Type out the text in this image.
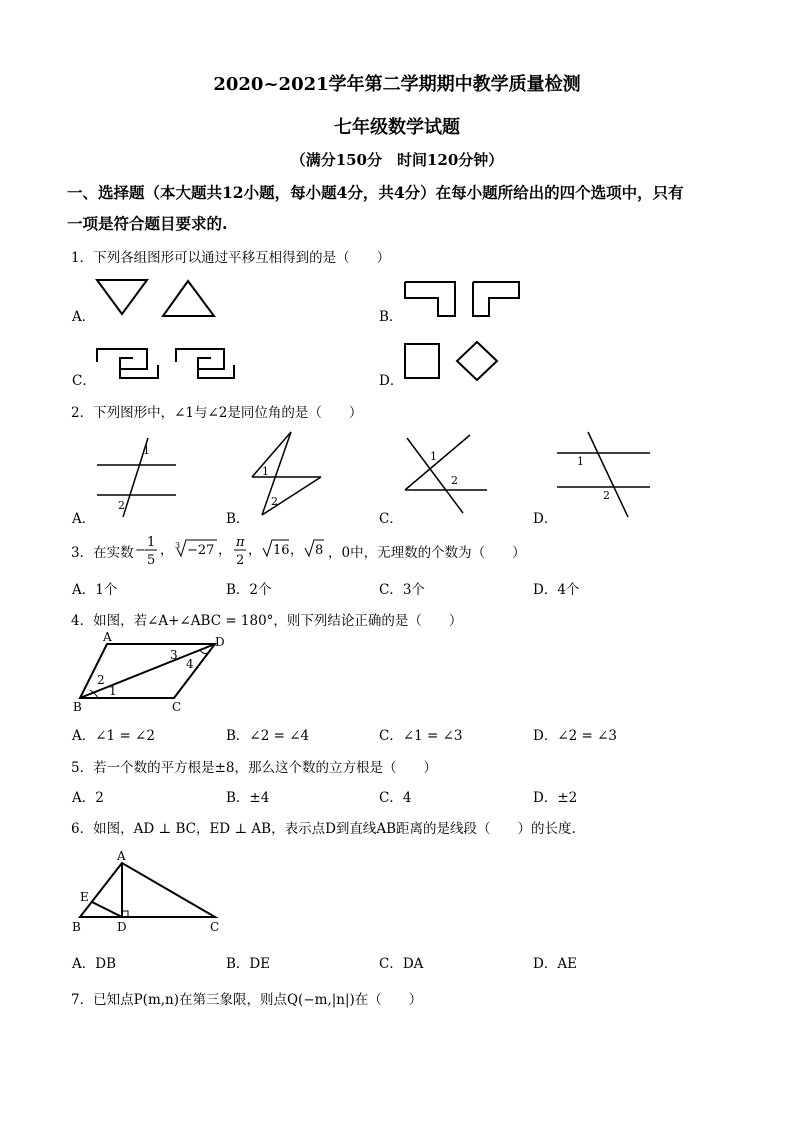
2020~2021学年第二学期期中教学质量检测
七年级数学试题
（满分150分　时间120分钟）
一、选择题（本大题共12小题，每小题4分，共4分）在每小题所给出的四个选项中，只有
一项是符合题目要求的.
1．下列各组图形可以通过平移互相得到的是（　　）
A．	B．
C．	D．
2．下列图形中，∠1与∠2是同位角的是（　　）
1
2
1
2
1
2
1
2
A．	B．	C．	D．
3．在实数 −
1
5
， 3 −27 ，
π
2
， 16 ， 8 ，0中，无理数的个数为（　　）
A．1个	B．2个	C．3个	D．4个
4．如图，若∠A+∠ABC = 180°，则下列结论正确的是（　　）
A	D
B	C
1
2
3
4
A．∠1 = ∠2	B．∠2 = ∠4	C．∠1 = ∠3	D．∠2 = ∠3
5．若一个数的平方根是±8，那么这个数的立方根是（　　）
A．2	B．±4	C．4	D．±2
6．如图，AD ⊥ BC，ED ⊥ AB，表示点D到直线AB距离的是线段（　　）的长度.
A
E
B	D	C
A．DB	B．DE	C．DA	D．AE
7．已知点P(m,n)在第三象限，则点Q(−m,|n|)在（　　）
